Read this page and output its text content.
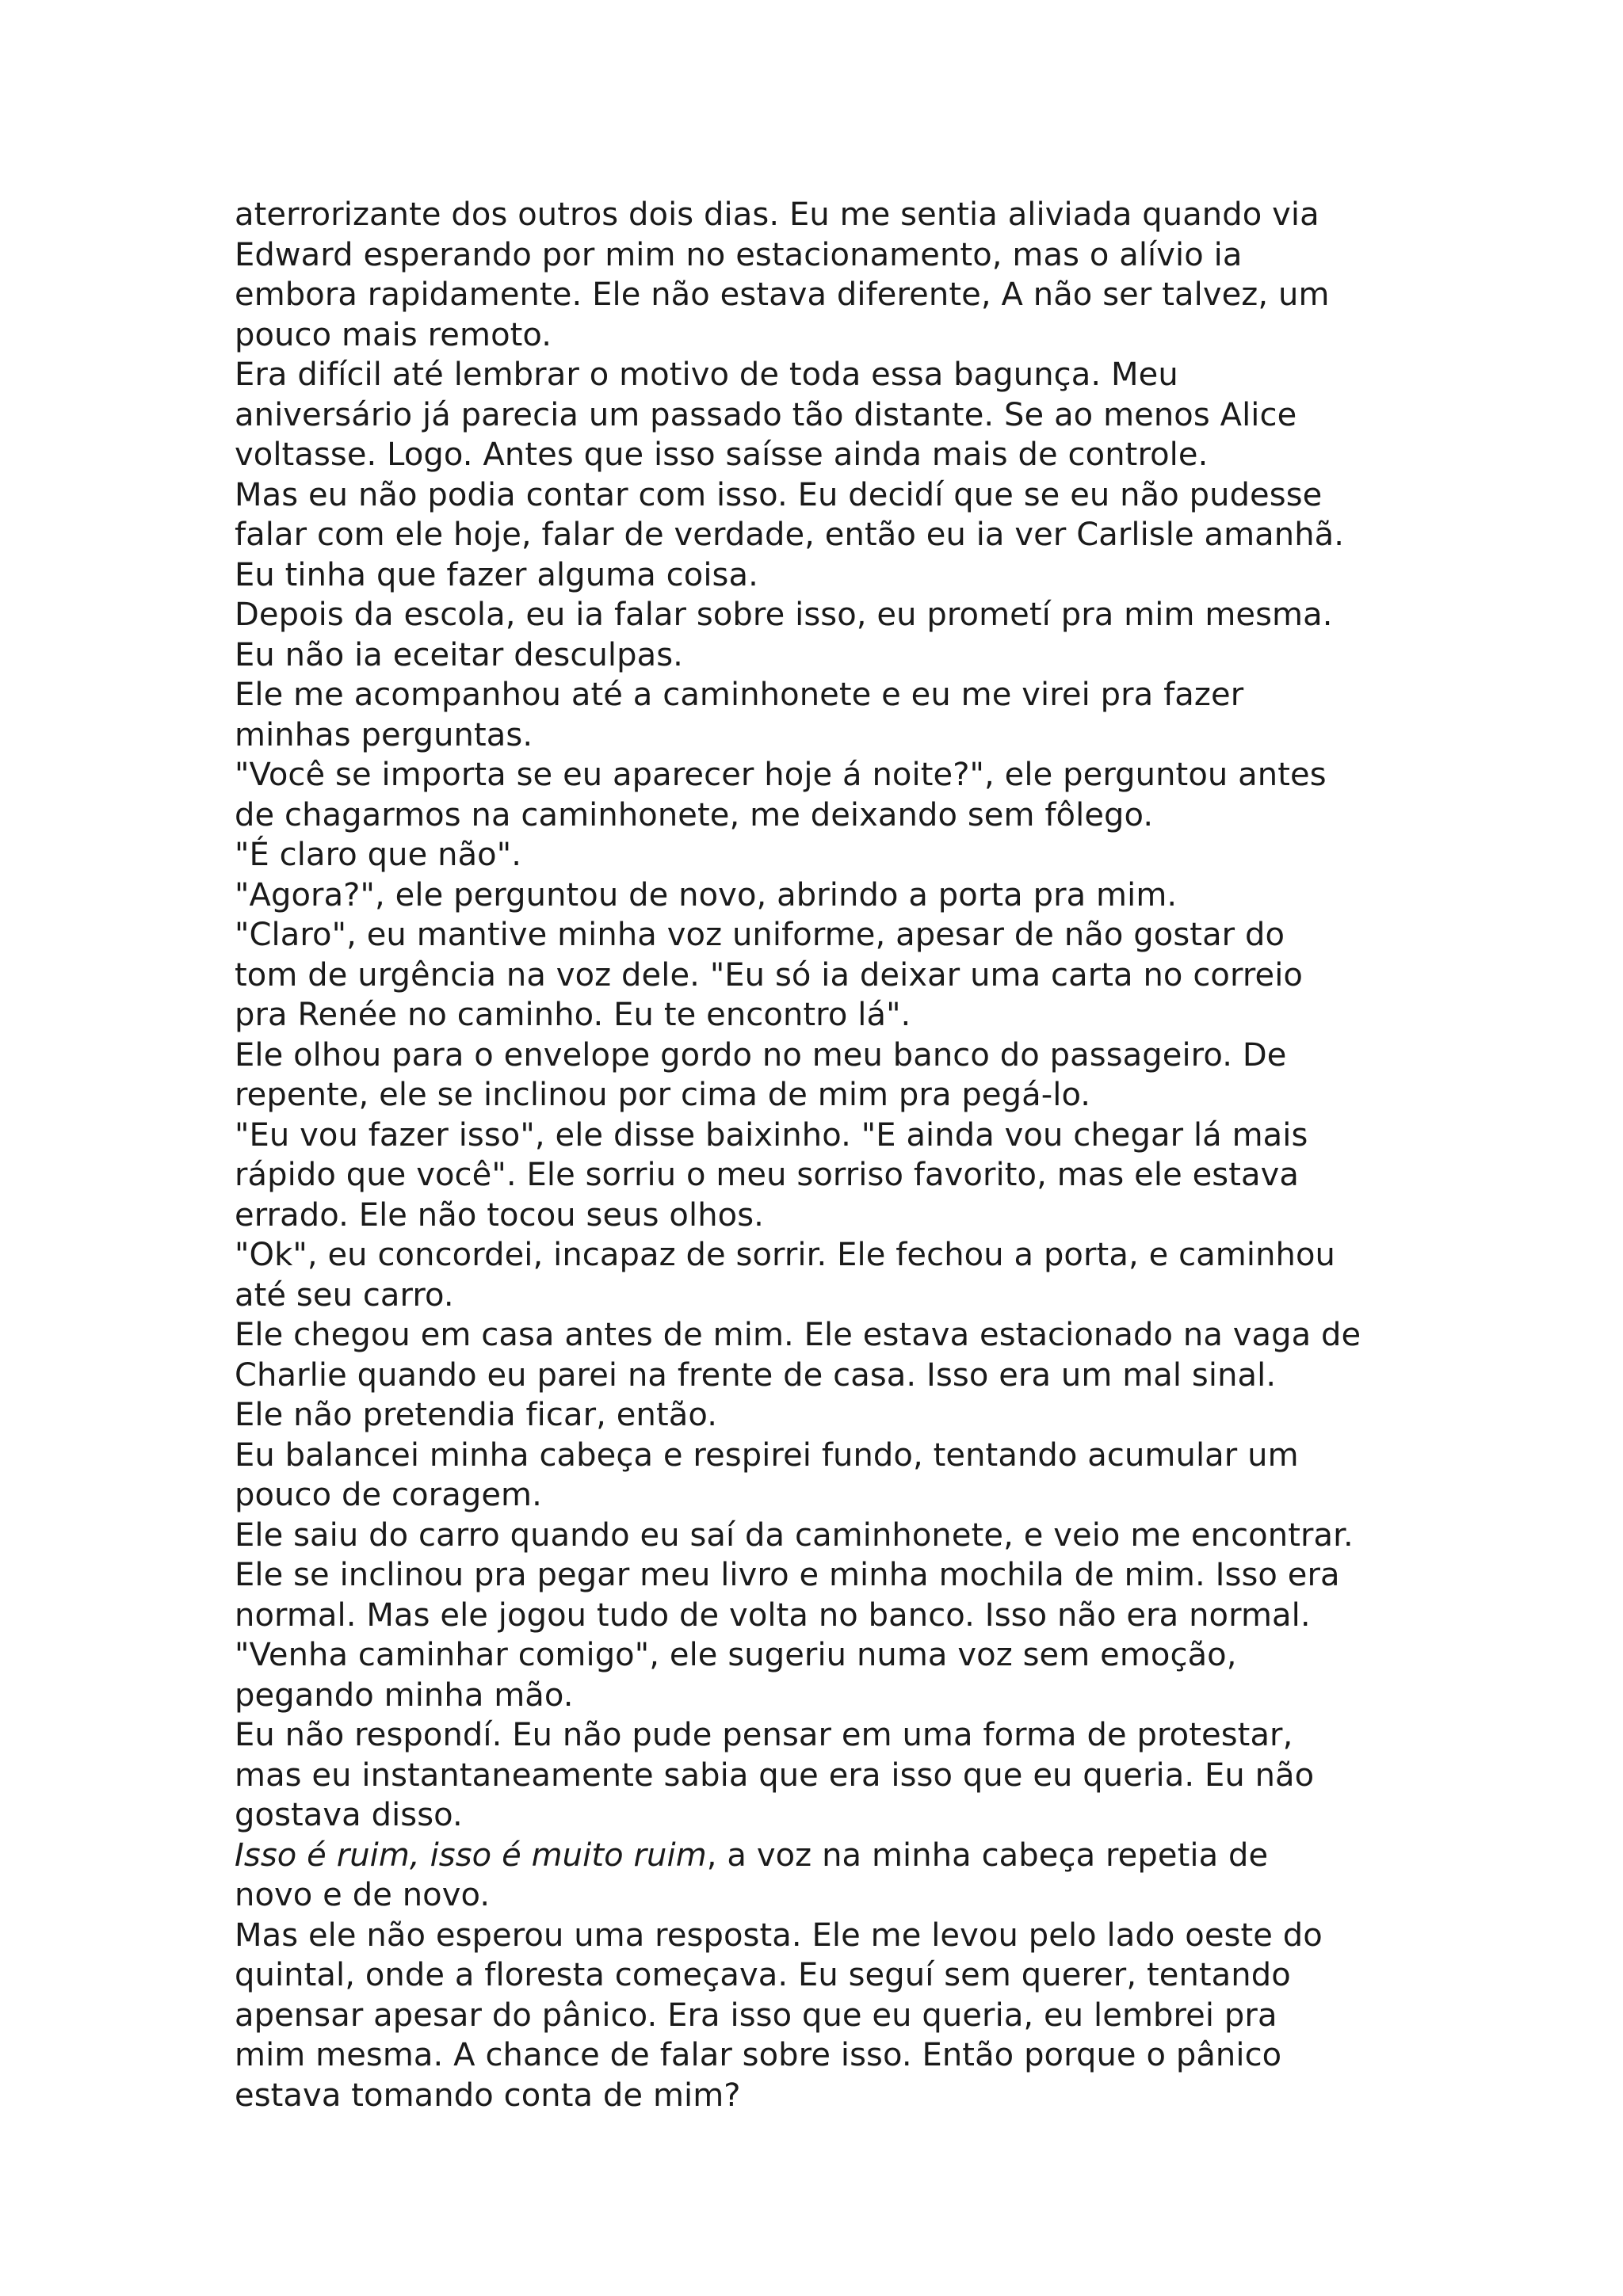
aterrorizante dos outros dois dias. Eu me sentia aliviada quando via
Edward esperando por mim no estacionamento, mas o alívio ia
embora rapidamente. Ele não estava diferente, A não ser talvez, um
pouco mais remoto.
Era difícil até lembrar o motivo de toda essa bagunça. Meu
aniversário já parecia um passado tão distante. Se ao menos Alice
voltasse. Logo. Antes que isso saísse ainda mais de controle.
Mas eu não podia contar com isso. Eu decidí que se eu não pudesse
falar com ele hoje, falar de verdade, então eu ia ver Carlisle amanhã.
Eu tinha que fazer alguma coisa.
Depois da escola, eu ia falar sobre isso, eu prometí pra mim mesma.
Eu não ia eceitar desculpas.
Ele me acompanhou até a caminhonete e eu me virei pra fazer
minhas perguntas.
"Você se importa se eu aparecer hoje á noite?", ele perguntou antes
de chagarmos na caminhonete, me deixando sem fôlego.
"É claro que não".
"Agora?", ele perguntou de novo, abrindo a porta pra mim.
"Claro", eu mantive minha voz uniforme, apesar de não gostar do
tom de urgência na voz dele. "Eu só ia deixar uma carta no correio
pra Renée no caminho. Eu te encontro lá".
Ele olhou para o envelope gordo no meu banco do passageiro. De
repente, ele se inclinou por cima de mim pra pegá-lo.
"Eu vou fazer isso", ele disse baixinho. "E ainda vou chegar lá mais
rápido que você". Ele sorriu o meu sorriso favorito, mas ele estava
errado. Ele não tocou seus olhos.
"Ok", eu concordei, incapaz de sorrir. Ele fechou a porta, e caminhou
até seu carro.
Ele chegou em casa antes de mim. Ele estava estacionado na vaga de
Charlie quando eu parei na frente de casa. Isso era um mal sinal.
Ele não pretendia ficar, então.
Eu balancei minha cabeça e respirei fundo, tentando acumular um
pouco de coragem.
Ele saiu do carro quando eu saí da caminhonete, e veio me encontrar.
Ele se inclinou pra pegar meu livro e minha mochila de mim. Isso era
normal. Mas ele jogou tudo de volta no banco. Isso não era normal.
"Venha caminhar comigo", ele sugeriu numa voz sem emoção,
pegando minha mão.
Eu não respondí. Eu não pude pensar em uma forma de protestar,
mas eu instantaneamente sabia que era isso que eu queria. Eu não
gostava disso.
Isso é ruim, isso é muito ruim, a voz na minha cabeça repetia de
novo e de novo.
Mas ele não esperou uma resposta. Ele me levou pelo lado oeste do
quintal, onde a floresta começava. Eu seguí sem querer, tentando
apensar apesar do pânico. Era isso que eu queria, eu lembrei pra
mim mesma. A chance de falar sobre isso. Então porque o pânico
estava tomando conta de mim?
